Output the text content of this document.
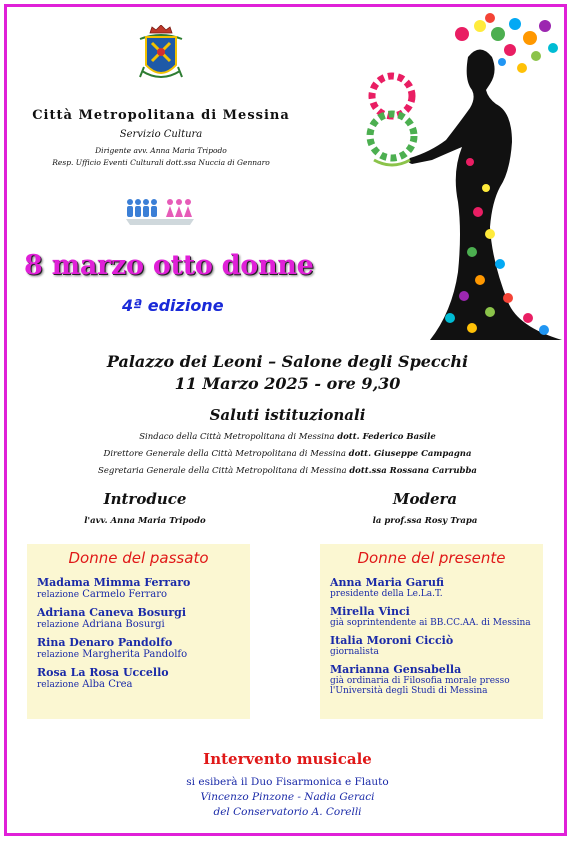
Città Metropolitana di Messina
Servizio Cultura
Dirigente avv. Anna Maria Tripodo
Resp. Ufficio Eventi Culturali dott.ssa Nuccia di Gennaro
8 marzo otto donne
4ª edizione
Palazzo dei Leoni – Salone degli Specchi
11 Marzo 2025 - ore 9,30
Saluti istituzionali
Sindaco della Città Metropolitana di Messina dott. Federico Basile
Direttore Generale della Città Metropolitana di Messina dott. Giuseppe Campagna
Segretaria Generale della Città Metropolitana di Messina dott.ssa Rossana Carrubba
Introduce
l'avv. Anna Maria Tripodo
Modera
la prof.ssa Rosy Trapa
Donne del passato
Madama Mimma Ferraro
relazione Carmelo Ferraro
Adriana Caneva Bosurgi
relazione Adriana Bosurgi
Rina Denaro Pandolfo
relazione Margherita Pandolfo
Rosa La Rosa Uccello
relazione Alba Crea
Donne del presente
Anna Maria Garufi
presidente della Le.La.T.
Mirella Vinci
già soprintendente ai BB.CC.AA. di Messina
Italia Moroni Cicciò
giornalista
Marianna Gensabella
già ordinaria di Filosofia morale presso
l'Università degli Studi di Messina
Intervento musicale
si esiberà il Duo Fisarmonica e Flauto
Vincenzo Pinzone - Nadia Geraci
del Conservatorio A. Corelli
